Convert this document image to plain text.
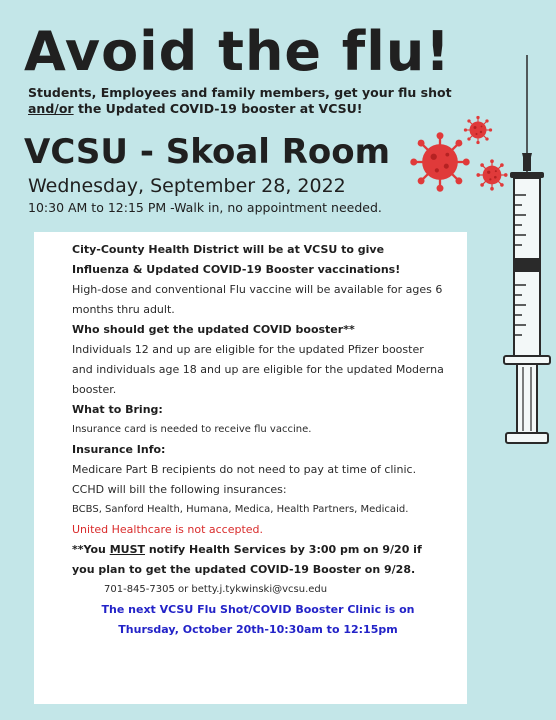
Avoid the flu!
Students, Employees and family members, get your flu shot and/or the Updated COVID-19 booster at VCSU!
VCSU - Skoal Room
Wednesday, September 28, 2022
10:30 AM to 12:15 PM -Walk in, no appointment needed.

City-County Health District will be at VCSU to give Influenza & Updated COVID-19 Booster vaccinations!

High-dose and conventional Flu vaccine will be available for ages 6 months thru adult.

Who should get the updated COVID booster**

Individuals 12 and up are eligible for the updated Pfizer booster and individuals age 18 and up are eligible for the updated Moderna booster.

What to Bring:

Insurance card is needed to receive flu vaccine.

Insurance Info:

Medicare Part B recipients do not need to pay at time of clinic. CCHD will bill the following insurances:

BCBS, Sanford Health, Humana, Medica, Health Partners, Medicaid.

United Healthcare is not accepted.

**You MUST notify Health Services by 3:00 pm on 9/20 if you plan to get the updated COVID-19 Booster on 9/28.

701-845-7305 or betty.j.tykwinski@vcsu.edu

The next VCSU Flu Shot/COVID Booster Clinic is on

Thursday, October 20th-10:30am to 12:15pm
